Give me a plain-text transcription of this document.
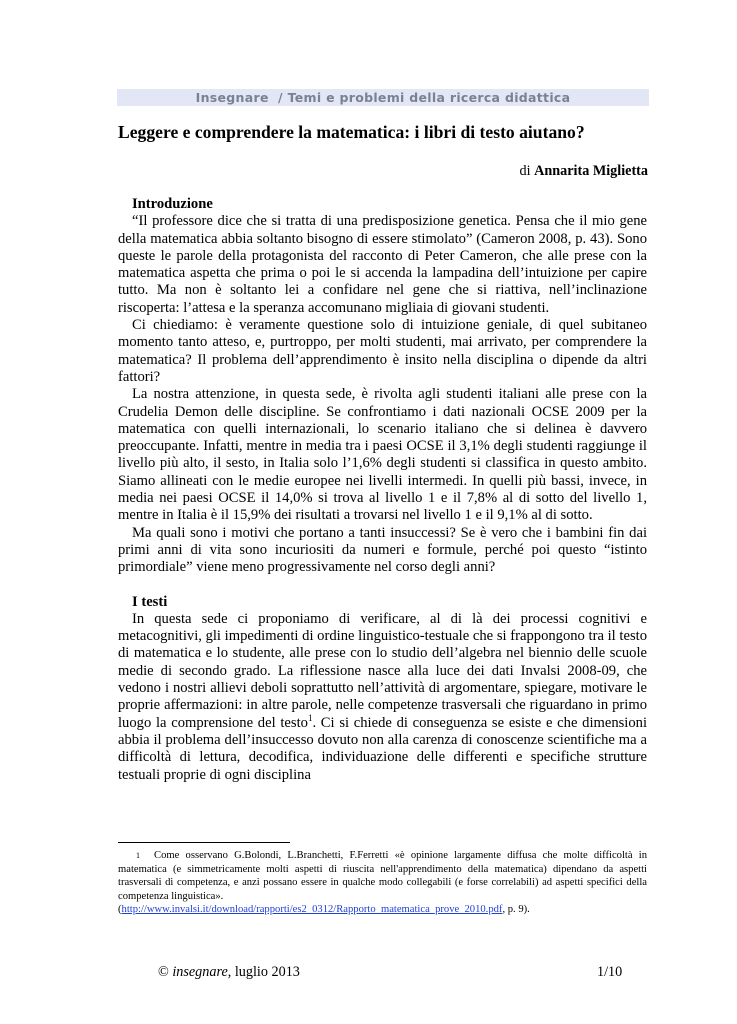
Insegnare  / Temi e problemi della ricerca didattica
Leggere e comprendere la matematica: i libri di testo aiutano?
di Annarita Miglietta
Introduzione

“Il professore dice che si tratta di una predisposizione genetica. Pensa che il mio gene della matematica abbia soltanto bisogno di essere stimolato” (Cameron 2008, p. 43). Sono queste le parole della protagonista del racconto di Peter Cameron, che alle prese con la matematica aspetta che prima o poi le si accenda la lampadina dell’intuizione per capire tutto. Ma non è soltanto lei a confidare nel gene che si riattiva, nell’inclinazione riscoperta: l’attesa e la speranza accomunano migliaia di giovani studenti.

Ci chiediamo: è veramente questione solo di intuizione geniale, di quel subitaneo momento tanto atteso, e, purtroppo, per molti studenti, mai arrivato, per comprendere la matematica? Il problema dell’apprendimento è insito nella disciplina o dipende da altri fattori?

La nostra attenzione, in questa sede, è rivolta agli studenti italiani alle prese con la Crudelia Demon delle discipline. Se confrontiamo i dati nazionali OCSE 2009 per la matematica con quelli internazionali, lo scenario italiano che si delinea è davvero preoccupante. Infatti, mentre in media tra i paesi OCSE il 3,1% degli studenti raggiunge il livello più alto, il sesto, in Italia solo l’1,6% degli studenti si classifica in questo ambito. Siamo allineati con le medie europee nei livelli intermedi. In quelli più bassi, invece, in media nei paesi OCSE il 14,0% si trova al livello 1 e il 7,8% al di sotto del livello 1, mentre in Italia è il 15,9% dei risultati a trovarsi nel livello 1 e il 9,1% al di sotto.

Ma quali sono i motivi che portano a tanti insuccessi? Se è vero che i bambini fin dai primi anni di vita sono incuriositi da numeri e formule, perché poi questo “istinto primordiale” viene meno progressivamente nel corso degli anni?

I testi

In questa sede ci proponiamo di verificare, al di là dei processi cognitivi e metacognitivi, gli impedimenti di ordine linguistico-testuale che si frappongono tra il testo di matematica e lo studente, alle prese con lo studio dell’algebra nel biennio delle scuole medie di secondo grado. La riflessione nasce alla luce dei dati Invalsi 2008-09, che vedono i nostri allievi deboli soprattutto nell’attività di argomentare, spiegare, motivare le proprie affermazioni: in altre parole, nelle competenze trasversali che riguardano in primo luogo la comprensione del testo$^1$. Ci si chiede di conseguenza se esiste e che dimensioni abbia il problema dell’insuccesso dovuto non alla carenza di conoscenze scientifiche ma a difficoltà di lettura, decodifica, individuazione delle differenti e specifiche strutture testuali proprie di ogni disciplina

$^1$ Come osservano G.Bolondi, L.Branchetti, F.Ferretti «è opinione largamente diffusa che molte difficoltà in matematica (e simmetricamente molti aspetti di riuscita nell'apprendimento della matematica) dipendano da aspetti trasversali di competenza, e anzi possano essere in qualche modo collegabili (e forse correlabili) ad aspetti specifici della competenza linguistica».
(http://www.invalsi.it/download/rapporti/es2_0312/Rapporto_matematica_prove_2010.pdf, p. 9).
© insegnare, luglio 2013	1/10
